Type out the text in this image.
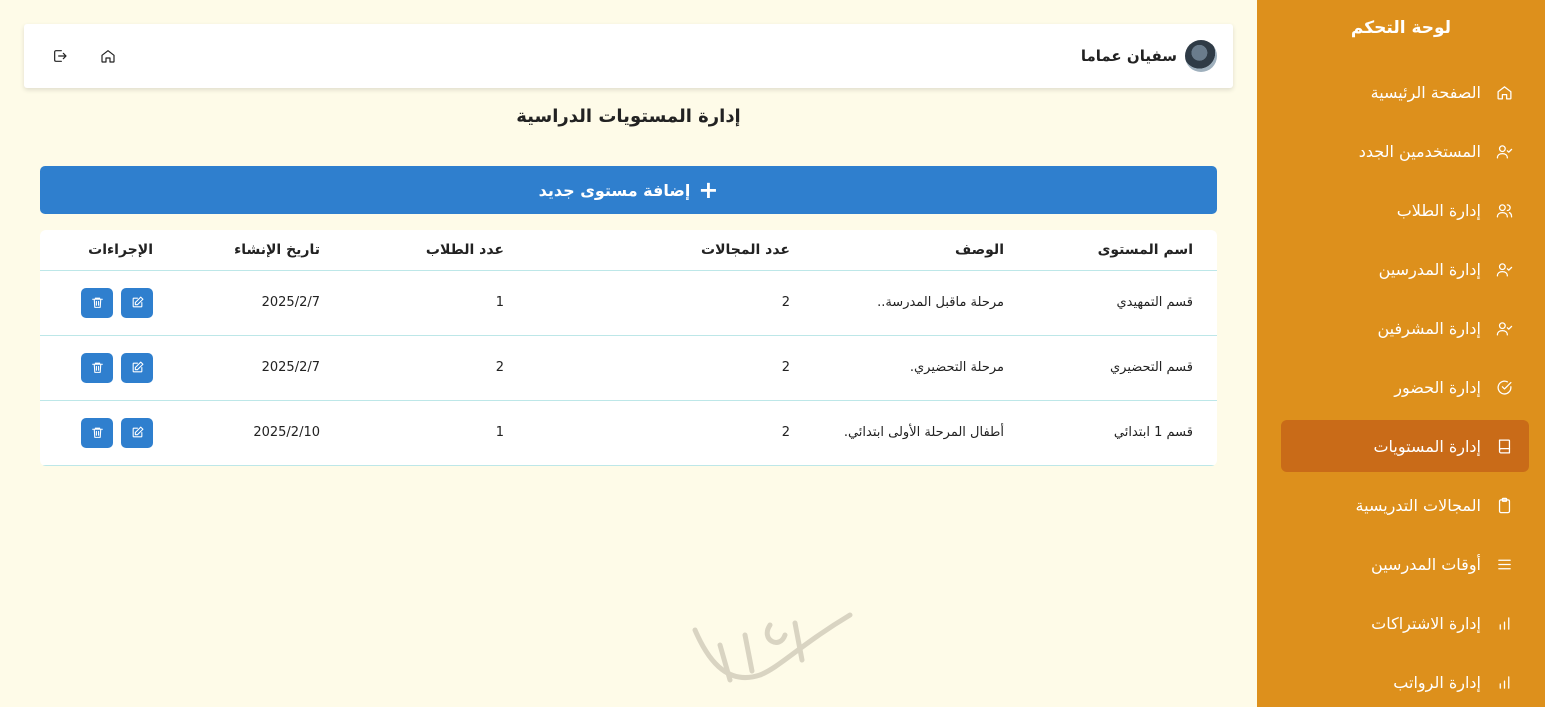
لوحة التحكم
الصفحة الرئيسية
المستخدمين الجدد
إدارة الطلاب
إدارة المدرسين
إدارة المشرفين
إدارة الحضور
إدارة المستويات
المجالات التدريسية
أوقات المدرسين
إدارة الاشتراكات
إدارة الرواتب
سفيان عماما
إدارة المستويات الدراسية
+
إضافة مستوى جديد
اسم المستوى	الوصف	عدد المجالات	عدد الطلاب	تاريخ الإنشاء	الإجراءات
قسم التمهيدي	مرحلة ماقبل المدرسة..	2	1	2025/2/7	

قسم التحضيري	مرحلة التحضيري.	2	2	2025/2/7	

قسم 1 ابتدائي	أطفال المرحلة الأولى ابتدائي.	2	1	2025/2/10	
